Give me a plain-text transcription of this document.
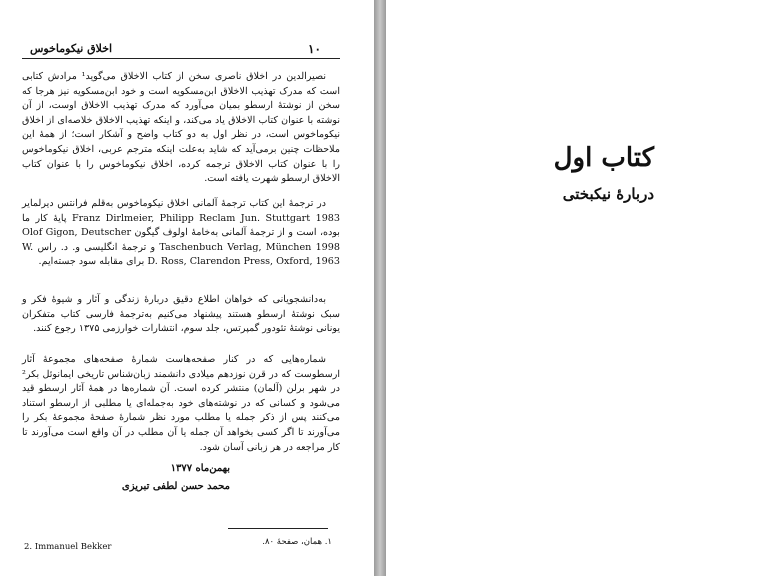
۱۰
اخلاق نیکوماخوس

نصیرالدین در اخلاق ناصری سخن از کتاب الاخلاق می‌گوید¹ مرادش کتابی است که مدرک تهذیب الاخلاق ابن‌مسکویه است و خود ابن‌مسکویه نیز هرجا که سخن از نوشتهٔ ارسطو بمیان می‌آورد که مدرک تهذیب الاخلاق اوست، از آن نوشته با عنوان کتاب الاخلاق یاد می‌کند، و اینکه تهذیب الاخلاق خلاصه‌ای از اخلاق نیکوماخوس است، در نظر اول به دو کتاب واضح و آشکار است؛ از همهٔ این ملاحظات چنین برمی‌آید که شاید به‌علت اینکه مترجم عربی، اخلاق نیکوماخوس را با عنوان کتاب الاخلاق ترجمه کرده، اخلاق نیکوماخوس را با عنوان کتاب الاخلاق ارسطو شهرت یافته است.

در ترجمهٔ این کتاب ترجمهٔ آلمانی اخلاق نیکوماخوس به‌قلم فرانتس دیرلمایر Franz Dirlmeier, Philipp Reclam Jun. Stuttgart 1983 پایهٔ کار ما بوده، است و از ترجمهٔ آلمانی به‌خامهٔ اولوف گیگون Olof Gigon, Deutscher Taschenbuch Verlag, München 1998 و ترجمهٔ انگلیسی و. د. راس W. D. Ross, Clarendon Press, Oxford, 1963 برای مقابله سود جسته‌ایم.

به‌دانشجویانی که خواهان اطلاع دقیق دربارهٔ زندگی و آثار و شیوهٔ فکر و سبک نوشتهٔ ارسطو هستند پیشنهاد می‌کنیم به‌ترجمهٔ فارسی کتاب متفکران یونانی نوشتهٔ تئودور گمپرتس، جلد سوم، انتشارات خوارزمی ۱۳۷۵ رجوع کنند.

شماره‌هایی که در کنار صفحه‌هاست شمارهٔ صفحه‌های مجموعهٔ آثار ارسطوست که در قرن نوزدهم میلادی دانشمند زبان‌شناس تاریخی ایمانوئل بکر² در شهر برلن (آلمان) منتشر کرده است. آن شماره‌ها در همهٔ آثار ارسطو قید می‌شود و کسانی که در نوشته‌های خود به‌جمله‌ای یا مطلبی از ارسطو استناد می‌کنند پس از ذکر جمله یا مطلب مورد نظر شمارهٔ صفحهٔ مجموعهٔ بکر را می‌آورند تا اگر کسی بخواهد آن جمله یا آن مطلب در آن واقع است می‌آورند تا کار مراجعه در هر زبانی آسان شود.

بهمن‌ماه ۱۳۷۷
محمد حسن لطفی تبریزی
۱. همان، صفحهٔ ۸۰.
2. Immanuel Bekker
کتاب اول
دربارهٔ نیکبختی
